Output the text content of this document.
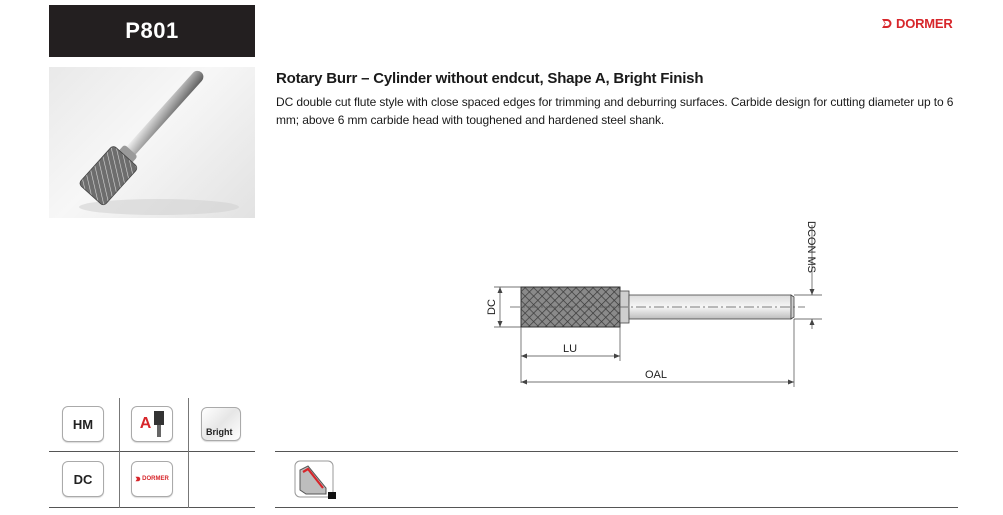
P801	DORMER
Rotary Burr – Cylinder without endcut, Shape A, Bright Finish
DC double cut flute style with close spaced edges for trimming and deburring surfaces. Carbide design for cutting diameter up to 6 mm; above 6 mm carbide head with toughened and hardened steel shank.
DC
DCON MS
LU
OAL
HM	A	Bright
DC	DORMER
